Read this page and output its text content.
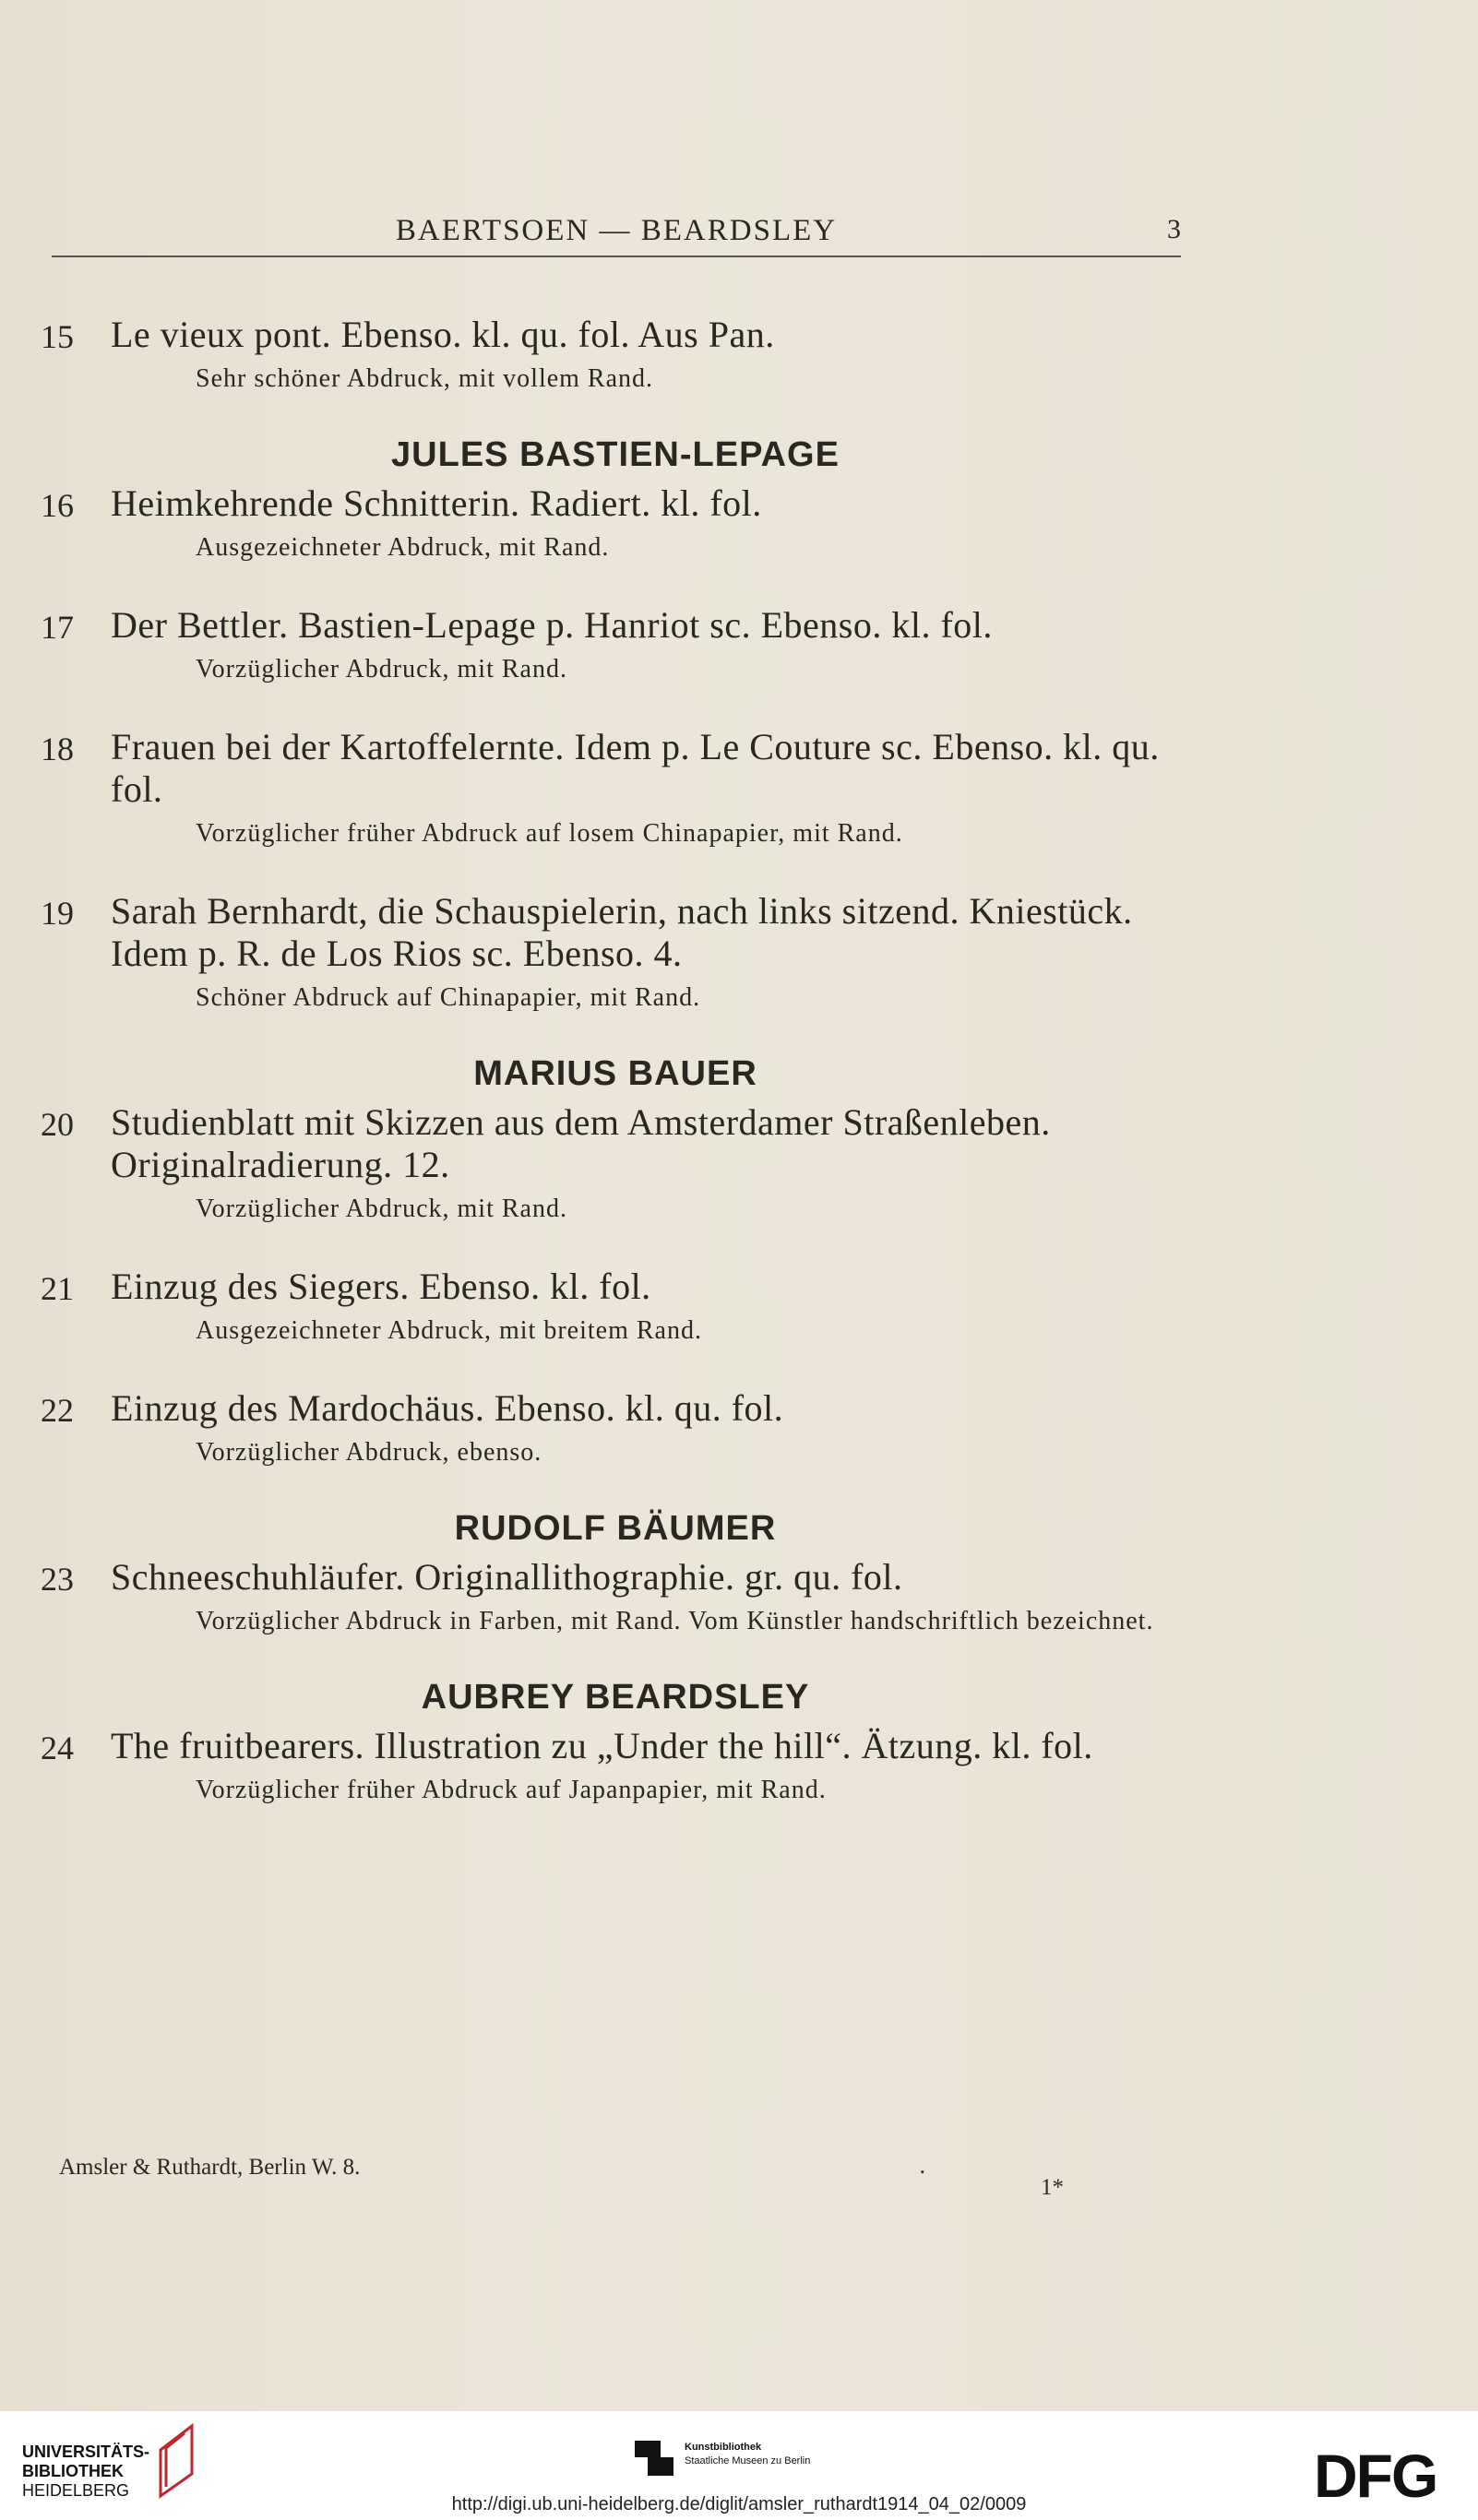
BAERTSOEN — BEARDSLEY	3
15 Le vieux pont. Ebenso. kl. qu. fol. Aus Pan.
Sehr schöner Abdruck, mit vollem Rand.
JULES BASTIEN-LEPAGE
16 Heimkehrende Schnitterin. Radiert. kl. fol.
Ausgezeichneter Abdruck, mit Rand.
17 Der Bettler. Bastien-Lepage p. Hanriot sc. Ebenso. kl. fol.
Vorzüglicher Abdruck, mit Rand.
18 Frauen bei der Kartoffelernte. Idem p. Le Couture sc. Ebenso. kl. qu. fol.
Vorzüglicher früher Abdruck auf losem Chinapapier, mit Rand.
19 Sarah Bernhardt, die Schauspielerin, nach links sitzend. Kniestück. Idem p. R. de Los Rios sc. Ebenso. 4.
Schöner Abdruck auf Chinapapier, mit Rand.
MARIUS BAUER
20 Studienblatt mit Skizzen aus dem Amsterdamer Straßenleben. Originalradierung. 12.
Vorzüglicher Abdruck, mit Rand.
21 Einzug des Siegers. Ebenso. kl. fol.
Ausgezeichneter Abdruck, mit breitem Rand.
22 Einzug des Mardochäus. Ebenso. kl. qu. fol.
Vorzüglicher Abdruck, ebenso.
RUDOLF BÄUMER
23 Schneeschuhläufer. Originallithographie. gr. qu. fol.
Vorzüglicher Abdruck in Farben, mit Rand. Vom Künstler handschriftlich bezeichnet.
AUBREY BEARDSLEY
24 The fruitbearers. Illustration zu „Under the hill“. Ätzung. kl. fol.
Vorzüglicher früher Abdruck auf Japanpapier, mit Rand.
Amsler & Ruthardt, Berlin W. 8.	.
1*
UNIVERSITÄTS-
BIBLIOTHEK
HEIDELBERG
Kunstbibliothek
Staatliche Museen zu Berlin	DFG
http://digi.ub.uni-heidelberg.de/diglit/amsler_ruthardt1914_04_02/0009
